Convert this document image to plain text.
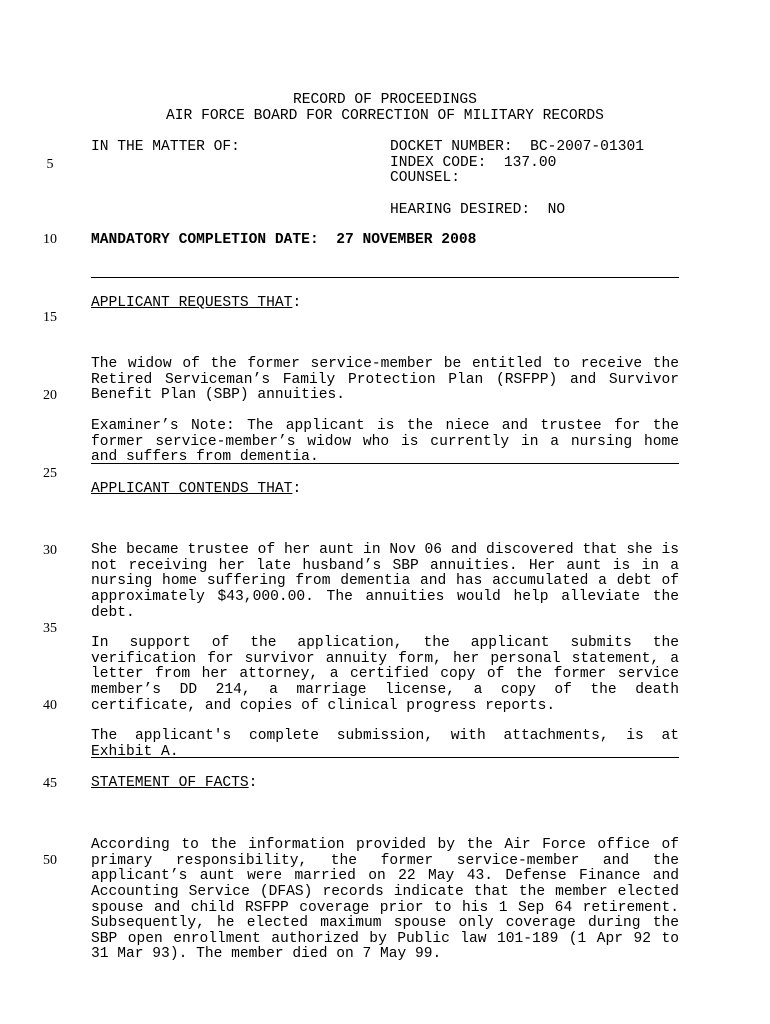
RECORD OF PROCEEDINGS
AIR FORCE BOARD FOR CORRECTION OF MILITARY RECORDS
5
10
15
20
25
30
35
40
45
50
IN THE MATTER OF:	DOCKET NUMBER: BC-2007-01301
INDEX CODE: 137.00
COUNSEL:
HEARING DESIRED: NO
MANDATORY COMPLETION DATE: 27 NOVEMBER 2008
APPLICANT REQUESTS THAT:

The widow of the former service-member be entitled to receive the Retired Serviceman’s Family Protection Plan (RSFPP) and Survivor Benefit Plan (SBP) annuities.

Examiner’s Note: The applicant is the niece and trustee for the former service-member’s widow who is currently in a nursing home and suffers from dementia.

APPLICANT CONTENDS THAT:

She became trustee of her aunt in Nov 06 and discovered that she is not receiving her late husband’s SBP annuities. Her aunt is in a nursing home suffering from dementia and has accumulated a debt of approximately $43,000.00. The annuities would help alleviate the debt.

In support of the application, the applicant submits the verification for survivor annuity form, her personal statement, a letter from her attorney, a certified copy of the former service member’s DD 214, a marriage license, a copy of the death certificate, and copies of clinical progress reports.

The applicant's complete submission, with attachments, is at Exhibit A.

STATEMENT OF FACTS:

According to the information provided by the Air Force office of primary responsibility, the former service-member and the applicant’s aunt were married on 22 May 43. Defense Finance and Accounting Service (DFAS) records indicate that the member elected spouse and child RSFPP coverage prior to his 1 Sep 64 retirement. Subsequently, he elected maximum spouse only coverage during the SBP open enrollment authorized by Public law 101-189 (1 Apr 92 to 31 Mar 93). The member died on 7 May 99.
